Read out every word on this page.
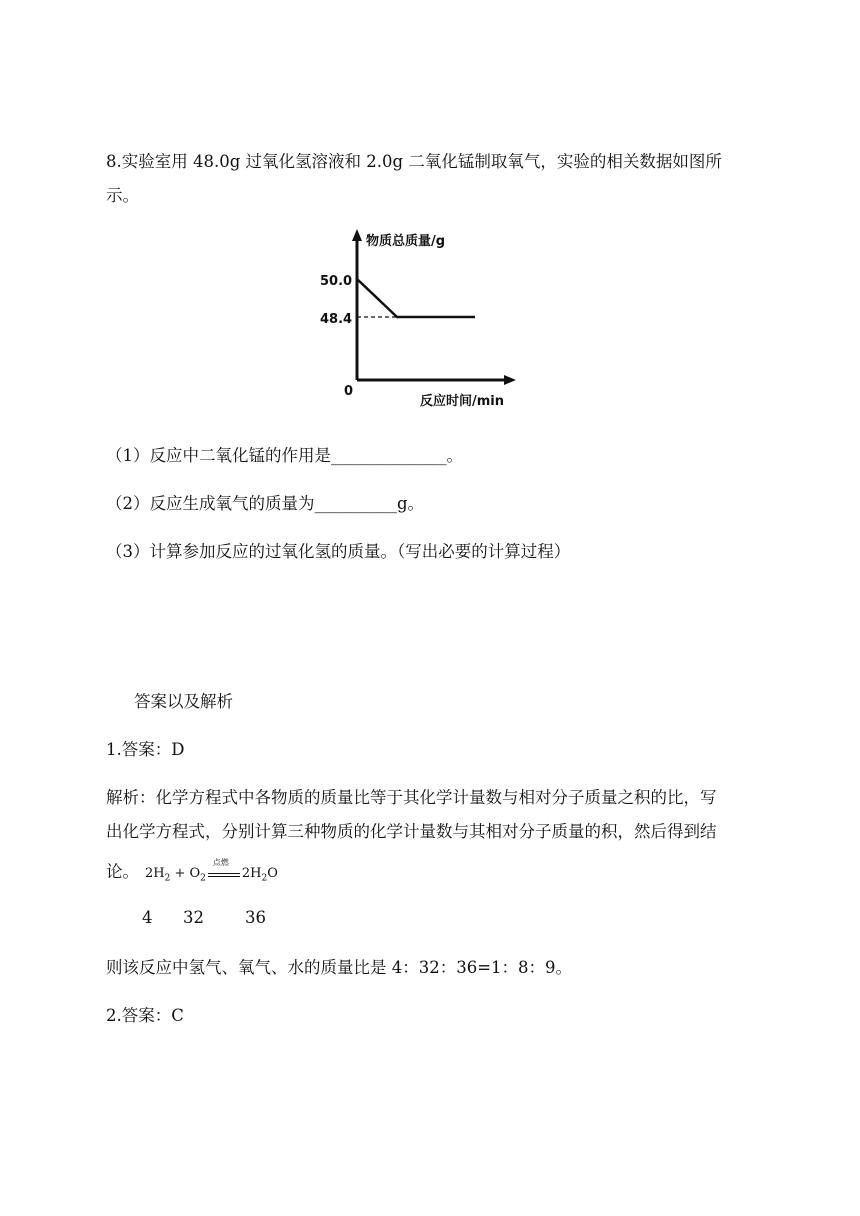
8.实验室用 48.0g 过氧化氢溶液和 2.0g 二氧化锰制取氧气，实验的相关数据如图所
示。
物质总质量/g
反应时间/min
0
50.0
48.4
（1）反应中二氧化锰的作用是______________。
（2）反应生成氧气的质量为__________g。
（3）计算参加反应的过氧化氢的质量。（写出必要的计算过程）
答案以及解析
1.答案：D
解析：化学方程式中各物质的质量比等于其化学计量数与相对分子质量之积的比，写
出化学方程式，分别计算三种物质的化学计量数与其相对分子质量的积，然后得到结
论。 $2H_2 + O_2$
点燃
$2H_2O$
4 32 36
则该反应中氢气、氧气、水的质量比是 4：32：36=1：8：9。
2.答案：C
